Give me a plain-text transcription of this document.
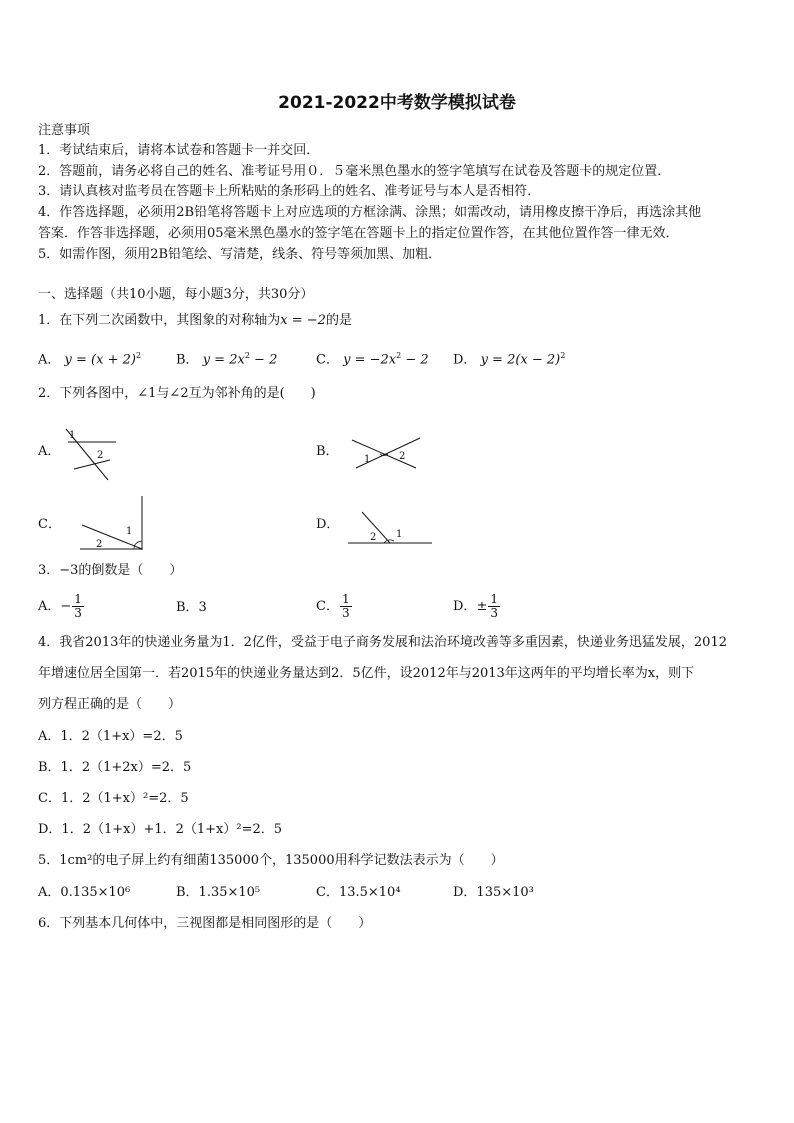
2021-2022中考数学模拟试卷
注意事项
1．考试结束后，请将本试卷和答题卡一并交回．
2．答题前，请务必将自己的姓名、准考证号用０．５毫米黑色墨水的签字笔填写在试卷及答题卡的规定位置．
3．请认真核对监考员在答题卡上所粘贴的条形码上的姓名、准考证号与本人是否相符．
4．作答选择题，必须用2B铅笔将答题卡上对应选项的方框涂满、涂黑；如需改动，请用橡皮擦干净后，再选涂其他
答案．作答非选择题，必须用05毫米黑色墨水的签字笔在答题卡上的指定位置作答，在其他位置作答一律无效．
5．如需作图，须用2B铅笔绘、写清楚，线条、符号等须加黑、加粗．
一、选择题（共10小题，每小题3分，共30分）
1．在下列二次函数中，其图象的对称轴为x = −2的是
A． $y = (x + 2)^2$	B． $y = 2x^2 - 2$	C． $y = -2x^2 - 2$ D． $y = 2(x - 2)^2$
2．下列各图中，∠1与∠2互为邻补角的是(　　)
A．
1
2	B．
1	2
C．	1
2
D．
2 1
3．−3的倒数是（　　）
A．− $\frac{1}{3}$	B．3	C． $\frac{1}{3}$	D．± $\frac{1}{3}$
4．我省2013年的快递业务量为1．2亿件，受益于电子商务发展和法治环境改善等多重因素，快递业务迅猛发展，2012
年增速位居全国第一．若2015年的快递业务量达到2．5亿件，设2012年与2013年这两年的平均增长率为x，则下
列方程正确的是（　　）
A．1．2（1+x）=2．5
B．1．2（1+2x）=2．5
C．1．2（1+x）²=2．5
D．1．2（1+x）+1．2（1+x）²=2．5
5．1cm²的电子屏上约有细菌135000个，135000用科学记数法表示为（　　）
A．0.135×10⁶	B．1.35×10⁵	C．13.5×10⁴	D．135×10³
6．下列基本几何体中，三视图都是相同图形的是（　　）
